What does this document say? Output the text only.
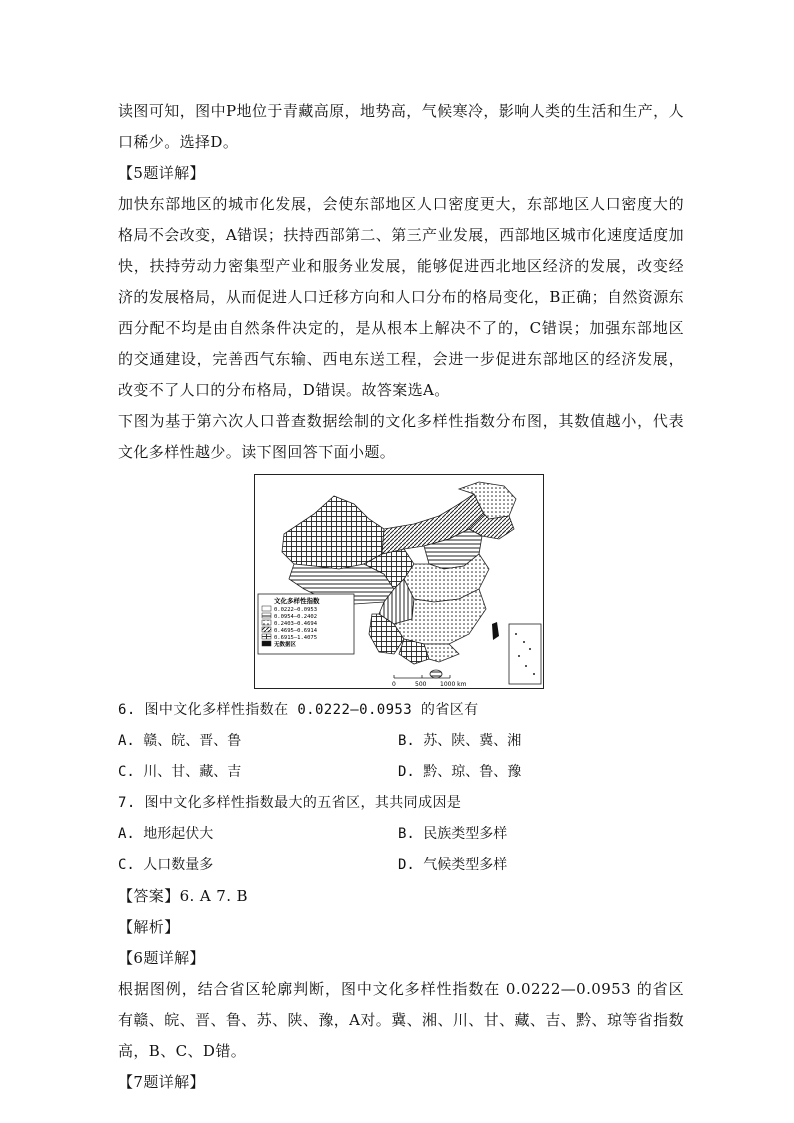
读图可知，图中P地位于青藏高原，地势高，气候寒冷，影响人类的生活和生产，人口稀少。选择D。

【5题详解】

加快东部地区的城市化发展，会使东部地区人口密度更大，东部地区人口密度大的格局不会改变，A错误；扶持西部第二、第三产业发展，西部地区城市化速度适度加快，扶持劳动力密集型产业和服务业发展，能够促进西北地区经济的发展，改变经济的发展格局，从而促进人口迁移方向和人口分布的格局变化，B正确；自然资源东西分配不均是由自然条件决定的，是从根本上解决不了的，C错误；加强东部地区的交通建设，完善西气东输、西电东送工程，会进一步促进东部地区的经济发展，改变不了人口的分布格局，D错误。故答案选A。

下图为基于第六次人口普查数据绘制的文化多样性指数分布图，其数值越小，代表文化多样性越少。读下图回答下面小题。

文化多样性指数
0.0222—0.0953
0.0954—0.2402
0.2403—0.4694
0.4695—0.6914
0.6915—1.4075
无数据区
0	500 1000 km

6. 图中文化多样性指数在 0.0222—0.0953 的省区有

A. 赣、皖、晋、鲁	B. 苏、陕、冀、湘
C. 川、甘、藏、吉	D. 黔、琼、鲁、豫

7. 图中文化多样性指数最大的五省区，其共同成因是

A. 地形起伏大	B. 民族类型多样
C. 人口数量多	D. 气候类型多样

【答案】6. A 7. B

【解析】

【6题详解】

根据图例，结合省区轮廓判断，图中文化多样性指数在 0.0222—0.0953 的省区有赣、皖、晋、鲁、苏、陕、豫，A对。冀、湘、川、甘、藏、吉、黔、琼等省指数高，B、C、D错。

【7题详解】
